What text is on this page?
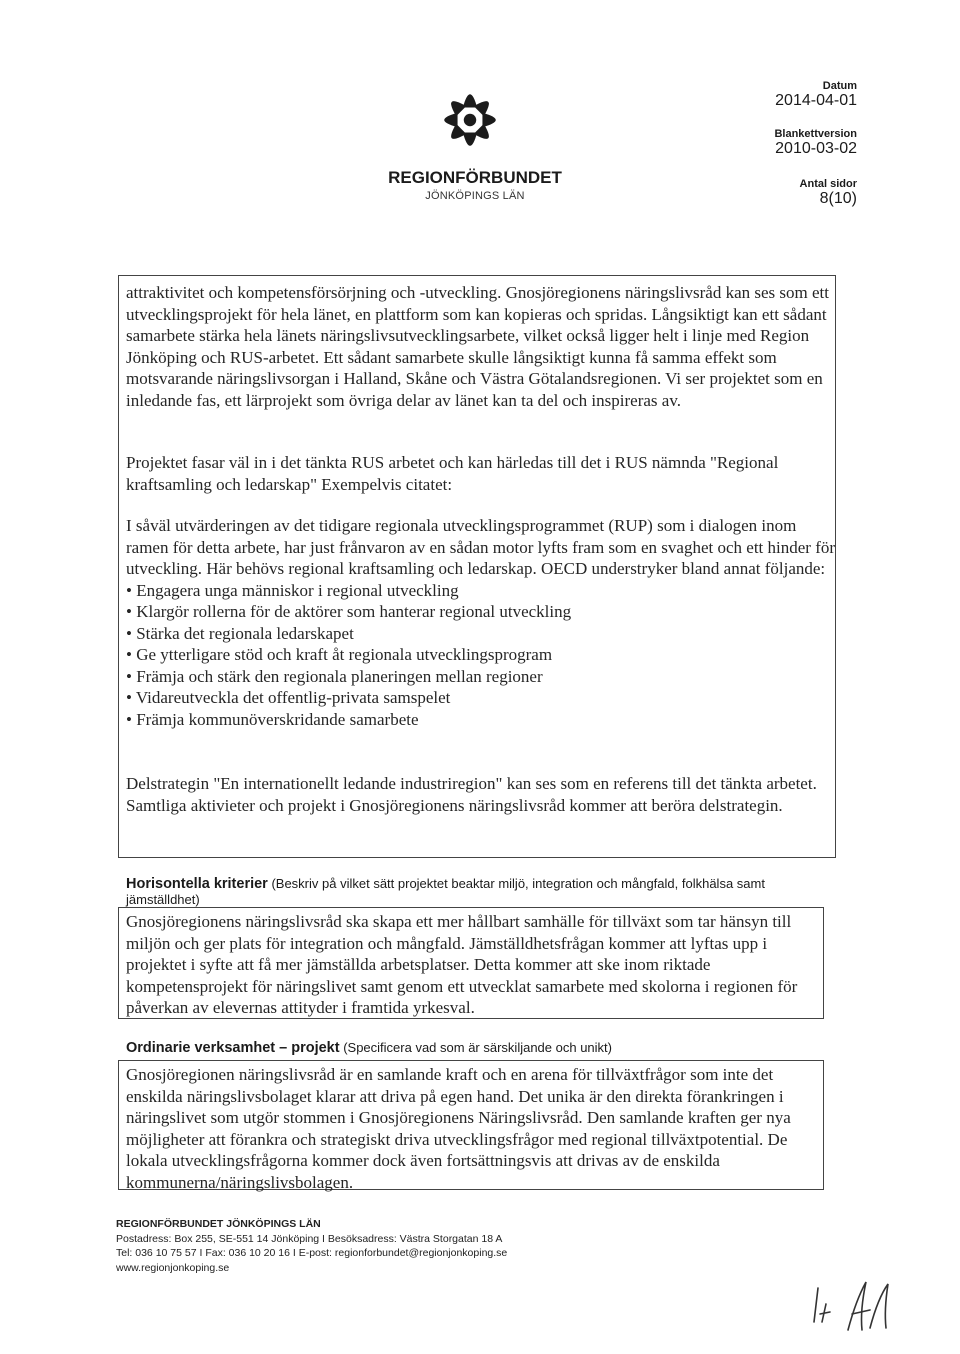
REGIONFÖRBUNDET
JÖNKÖPINGS LÄN
Datum
2014-04-01
Blankettversion
2010-03-02
Antal sidor
8(10)

attraktivitet och kompetensförsörjning och -utveckling. Gnosjöregionens näringslivsråd kan ses som ett utvecklingsprojekt för hela länet, en plattform som kan kopieras och spridas. Långsiktigt kan ett sådant samarbete stärka hela länets näringslivsutvecklingsarbete, vilket också ligger helt i linje med Region Jönköping och RUS-arbetet. Ett sådant samarbete skulle långsiktigt kunna få samma effekt som motsvarande näringslivsorgan i Halland, Skåne och Västra Götalandsregionen. Vi ser projektet som en inledande fas, ett lärprojekt som övriga delar av länet kan ta del och inspireras av.

Projektet fasar väl in i det tänkta RUS arbetet och kan härledas till det i RUS nämnda "Regional kraftsamling och ledarskap" Exempelvis citatet:

I såväl utvärderingen av det tidigare regionala utvecklingsprogrammet (RUP) som i dialogen inom ramen för detta arbete, har just frånvaron av en sådan motor lyfts fram som en svaghet och ett hinder för utveckling. Här behövs regional kraftsamling och ledarskap. OECD understryker bland annat följande:

• Engagera unga människor i regional utveckling
• Klargör rollerna för de aktörer som hanterar regional utveckling
• Stärka det regionala ledarskapet
• Ge ytterligare stöd och kraft åt regionala utvecklingsprogram
• Främja och stärk den regionala planeringen mellan regioner
• Vidareutveckla det offentlig-privata samspelet
• Främja kommunöverskridande samarbete

Delstrategin "En internationellt ledande industriregion" kan ses som en referens till det tänkta arbetet. Samtliga aktivieter och projekt i Gnosjöregionens näringslivsråd kommer att beröra delstrategin.

Horisontella kriterier (Beskriv på vilket sätt projektet beaktar miljö, integration och mångfald, folkhälsa samt jämställdhet)

Gnosjöregionens näringslivsråd ska skapa ett mer hållbart samhälle för tillväxt som tar hänsyn till miljön och ger plats för integration och mångfald. Jämställdhetsfrågan kommer att lyftas upp i projektet i syfte att få mer jämställda arbetsplatser. Detta kommer att ske inom riktade kompetensprojekt för näringslivet samt genom ett utvecklat samarbete med skolorna i regionen för påverkan av elevernas attityder i framtida yrkesval.

Ordinarie verksamhet – projekt (Specificera vad som är särskiljande och unikt)

Gnosjöregionen näringslivsråd är en samlande kraft och en arena för tillväxtfrågor som inte det enskilda näringslivsbolaget klarar att driva på egen hand. Det unika är den direkta förankringen i näringslivet som utgör stommen i Gnosjöregionens Näringslivsråd. Den samlande kraften ger nya möjligheter att förankra och strategiskt driva utvecklingsfrågor med regional tillväxtpotential. De lokala utvecklingsfrågorna kommer dock även fortsättningsvis att drivas av de enskilda kommunerna/näringslivsbolagen.

REGIONFÖRBUNDET JÖNKÖPINGS LÄN
Postadress: Box 255, SE-551 14 Jönköping I Besöksadress: Västra Storgatan 18 A
Tel: 036 10 75 57 I Fax: 036 10 20 16 I E-post: regionforbundet@regionjonkoping.se
www.regionjonkoping.se
